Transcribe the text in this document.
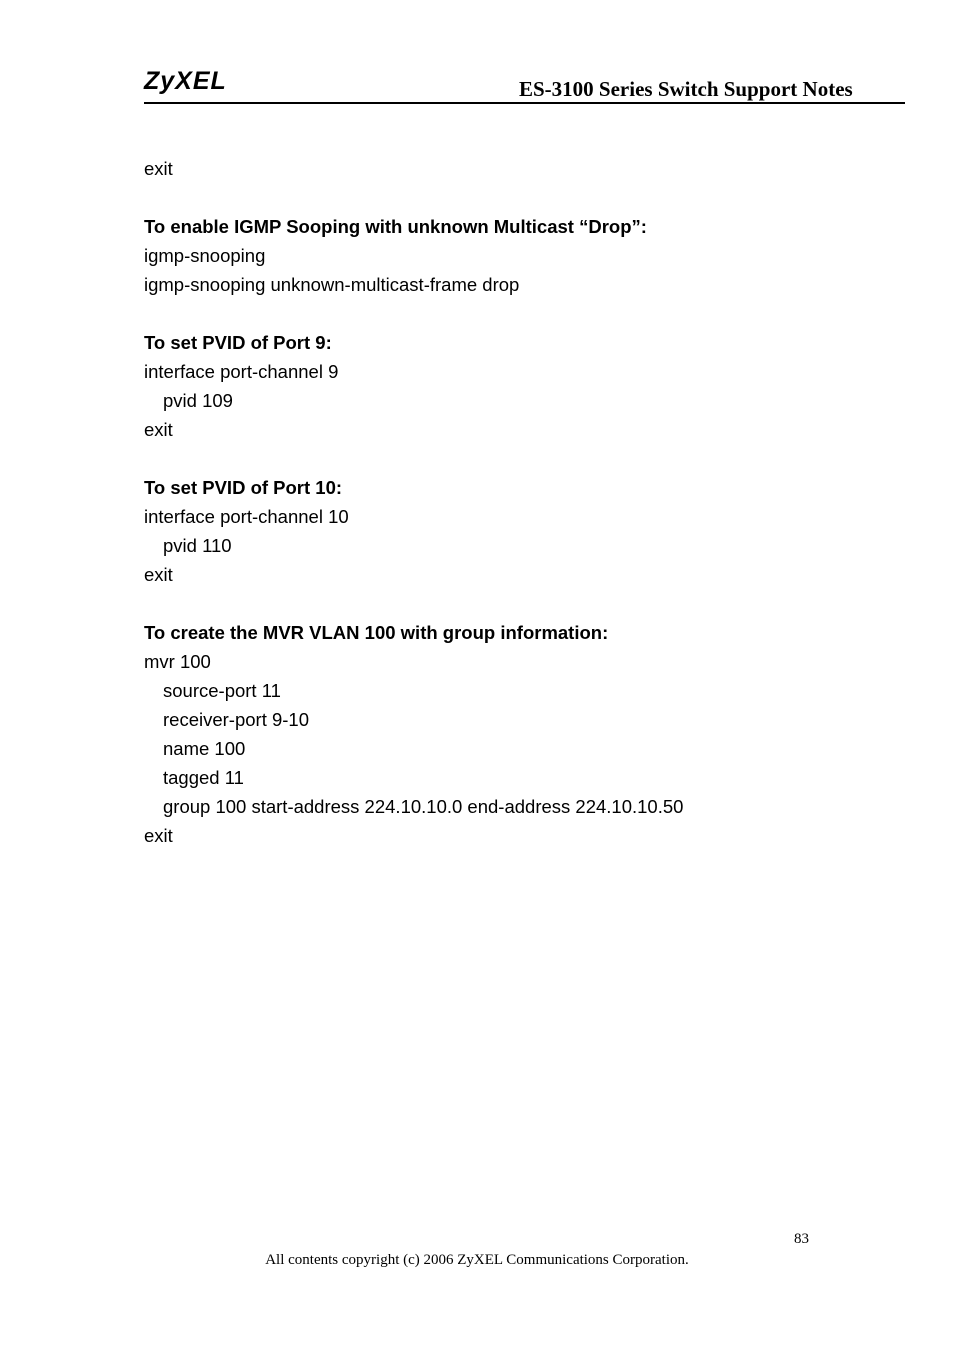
ZyXEL	ES-3100 Series Switch Support Notes
exit
To enable IGMP Sooping with unknown Multicast “Drop”:
igmp-snooping
igmp-snooping unknown-multicast-frame drop
To set PVID of Port 9:
interface port-channel 9
pvid 109
exit
To set PVID of Port 10:
interface port-channel 10
pvid 110
exit
To create the MVR VLAN 100 with group information:
mvr 100
source-port 11
receiver-port 9-10
name 100
tagged 11
group 100 start-address 224.10.10.0 end-address 224.10.10.50
exit
83
All contents copyright (c) 2006 ZyXEL Communications Corporation.
